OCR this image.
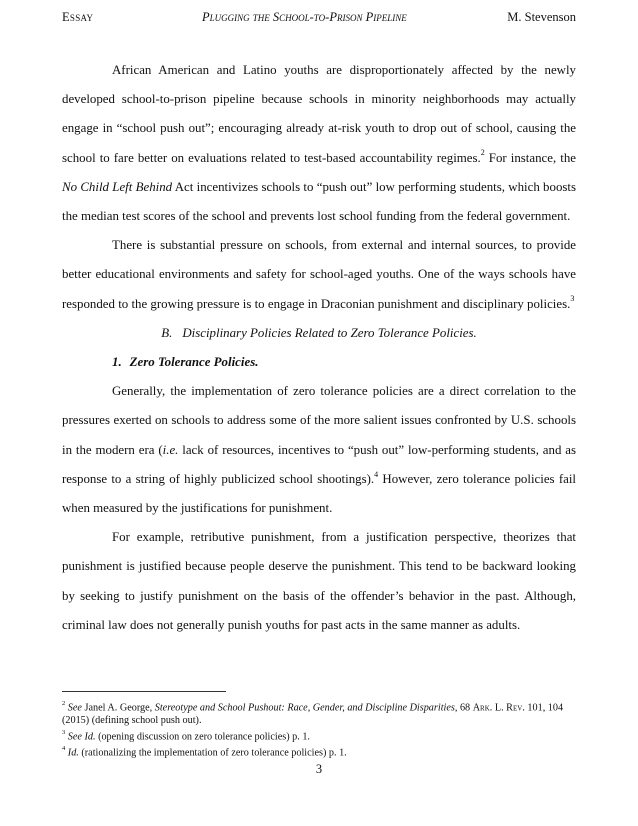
Essay	Plugging the School-to-Prison Pipeline	M. Stevenson

African American and Latino youths are disproportionately affected by the newly developed school-to-prison pipeline because schools in minority neighborhoods may actually engage in “school push out”; encouraging already at-risk youth to drop out of school, causing the school to fare better on evaluations related to test-based accountability regimes.$^2$ For instance, the No Child Left Behind Act incentivizes schools to “push out” low performing students, which boosts the median test scores of the school and prevents lost school funding from the federal government.

There is substantial pressure on schools, from external and internal sources, to provide better educational environments and safety for school-aged youths. One of the ways schools have responded to the growing pressure is to engage in Draconian punishment and disciplinary policies.$^3$

B. Disciplinary Policies Related to Zero Tolerance Policies.
1. Zero Tolerance Policies.

Generally, the implementation of zero tolerance policies are a direct correlation to the pressures exerted on schools to address some of the more salient issues confronted by U.S. schools in the modern era (i.e. lack of resources, incentives to “push out” low-performing students, and as response to a string of highly publicized school shootings).$^4$ However, zero tolerance policies fail when measured by the justifications for punishment.

For example, retributive punishment, from a justification perspective, theorizes that punishment is justified because people deserve the punishment. This tend to be backward looking by seeking to justify punishment on the basis of the offender’s behavior in the past. Although, criminal law does not generally punish youths for past acts in the same manner as adults.

$^2$ See Janel A. George, Stereotype and School Pushout: Race, Gender, and Discipline Disparities, 68 Ark. L. Rev. 101, 104 (2015) (defining school push out).

$^3$ See Id. (opening discussion on zero tolerance policies) p. 1.

$^4$ Id. (rationalizing the implementation of zero tolerance policies) p. 1.

3
